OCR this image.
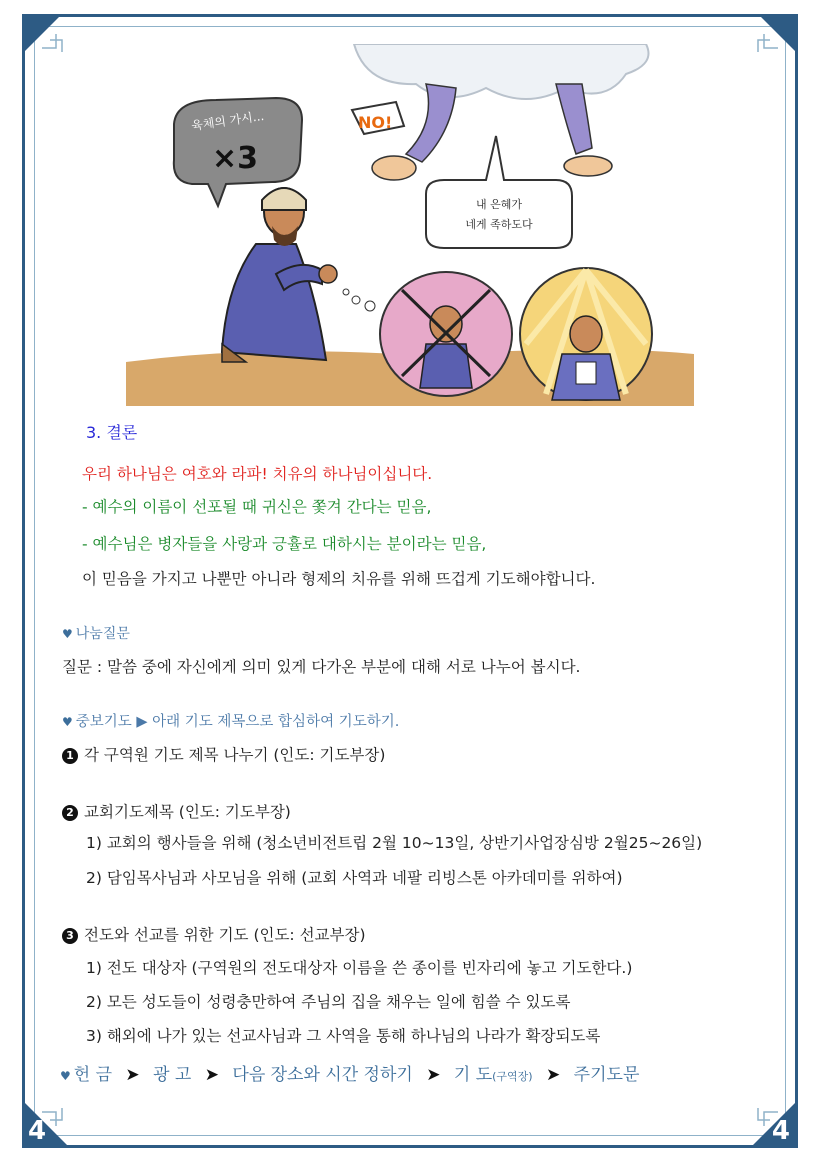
4	4
육체의 가시...
×3
NO!
내 은혜가
네게 족하도다
3. 결론
우리 하나님은 여호와 라파! 치유의 하나님이십니다.
- 예수의 이름이 선포될 때 귀신은 쫓겨 간다는 믿음,
- 예수님은 병자들을 사랑과 긍휼로 대하시는 분이라는 믿음,
이 믿음을 가지고 나뿐만 아니라 형제의 치유를 위해 뜨겁게 기도해야합니다.
♥ 나눔질문
질문 : 말씀 중에 자신에게 의미 있게 다가온 부분에 대해 서로 나누어 봅시다.
♥ 중보기도 ▶ 아래 기도 제목으로 합심하여 기도하기.
1 각 구역원 기도 제목 나누기 (인도: 기도부장)
2 교회기도제목 (인도: 기도부장)
1) 교회의 행사들을 위해 (청소년비전트립 2월 10~13일, 상반기사업장심방 2월25~26일)
2) 담임목사님과 사모님을 위해 (교회 사역과 네팔 리빙스톤 아카데미를 위하여)
3 전도와 선교를 위한 기도 (인도: 선교부장)
1) 전도 대상자 (구역원의 전도대상자 이름을 쓴 종이를 빈자리에 놓고 기도한다.)
2) 모든 성도들이 성령충만하여 주님의 집을 채우는 일에 힘쓸 수 있도록
3) 해외에 나가 있는 선교사님과 그 사역을 통해 하나님의 나라가 확장되도록
♥ 헌 금 ➤ 광 고 ➤ 다음 장소와 시간 정하기 ➤ 기 도(구역장) ➤ 주기도문
